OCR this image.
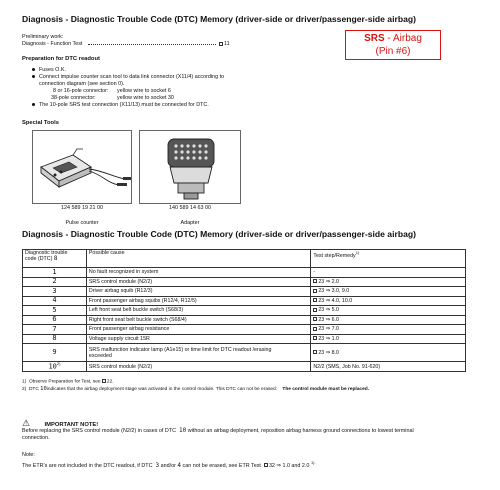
Diagnosis - Diagnostic Trouble Code (DTC) Memory (driver-side or driver/passenger-side airbag)
Preliminary work:
Diagnosis - Function Test	11	SRS - Airbag
(Pin #6)
Preparation for DTC readout
Fuses O.K.
Connect impulse counter scan tool to data link connector (X11/4) according to
connection diagram (see section 0).
8 or 16-pole connector: yellow wire to socket 6
38-pole connector:	yellow wire to socket 30
The 10-pole SRS test connection (X11/13) must be connected for DTC.
Special Tools
124 589 19 21 00
Pulse counter
140 589 14 63 00
Adapter
Diagnosis - Diagnostic Trouble Code (DTC) Memory (driver-side or driver/passenger-side airbag)
Diagnostic trouble
code (DTC) 8	Possible cause	Test step/Remedy$^{1)}$
1	No fault recognized in system	-
2	SRS control module (N2/2)	23 ⇒ 2.0
3	Driver airbag squib (R12/3)	23 ⇒ 3.0, 9.0
4	Front passenger airbag squibs (R12/4, R12/5)	23 ⇒ 4.0, 10.0
5	Left front seat belt buckle switch (S68/3)	23 ⇒ 5.0
6	Right front seat belt buckle switch (S68/4)	23 ⇒ 6.0
7	Front passenger airbag resistance	23 ⇒ 7.0
8	Voltage supply circuit 15R	23 ⇒ 1.0
9	SRS malfunction indicator lamp (A1e15) or time limit for DTC readout /erasing
exceeded	23 ⇒ 8.0
10$^{2)}$	SRS control module (N2/2)	N2/2 (SMS, Job No. 91-620)
1) Observe Preparation for Test, see 22.
2) DTC 10indicates that the airbag deployment stage was activated in the control module. This DTC can not be erased: The control module must be replaced.
⚠ IMPORTANT NOTE!
Before replacing the SRS control module (N2/2) in cases of DTC 10 without an airbag deployment, reposition airbag harness ground connections to lowest terminal
connection.
Note:
The ETR's are not included in the DTC readout, if DTC 3 and/or 4 can not be erased, see ETR Test 32 ⇒ 1.0 and 2.0 $^{1).}$
